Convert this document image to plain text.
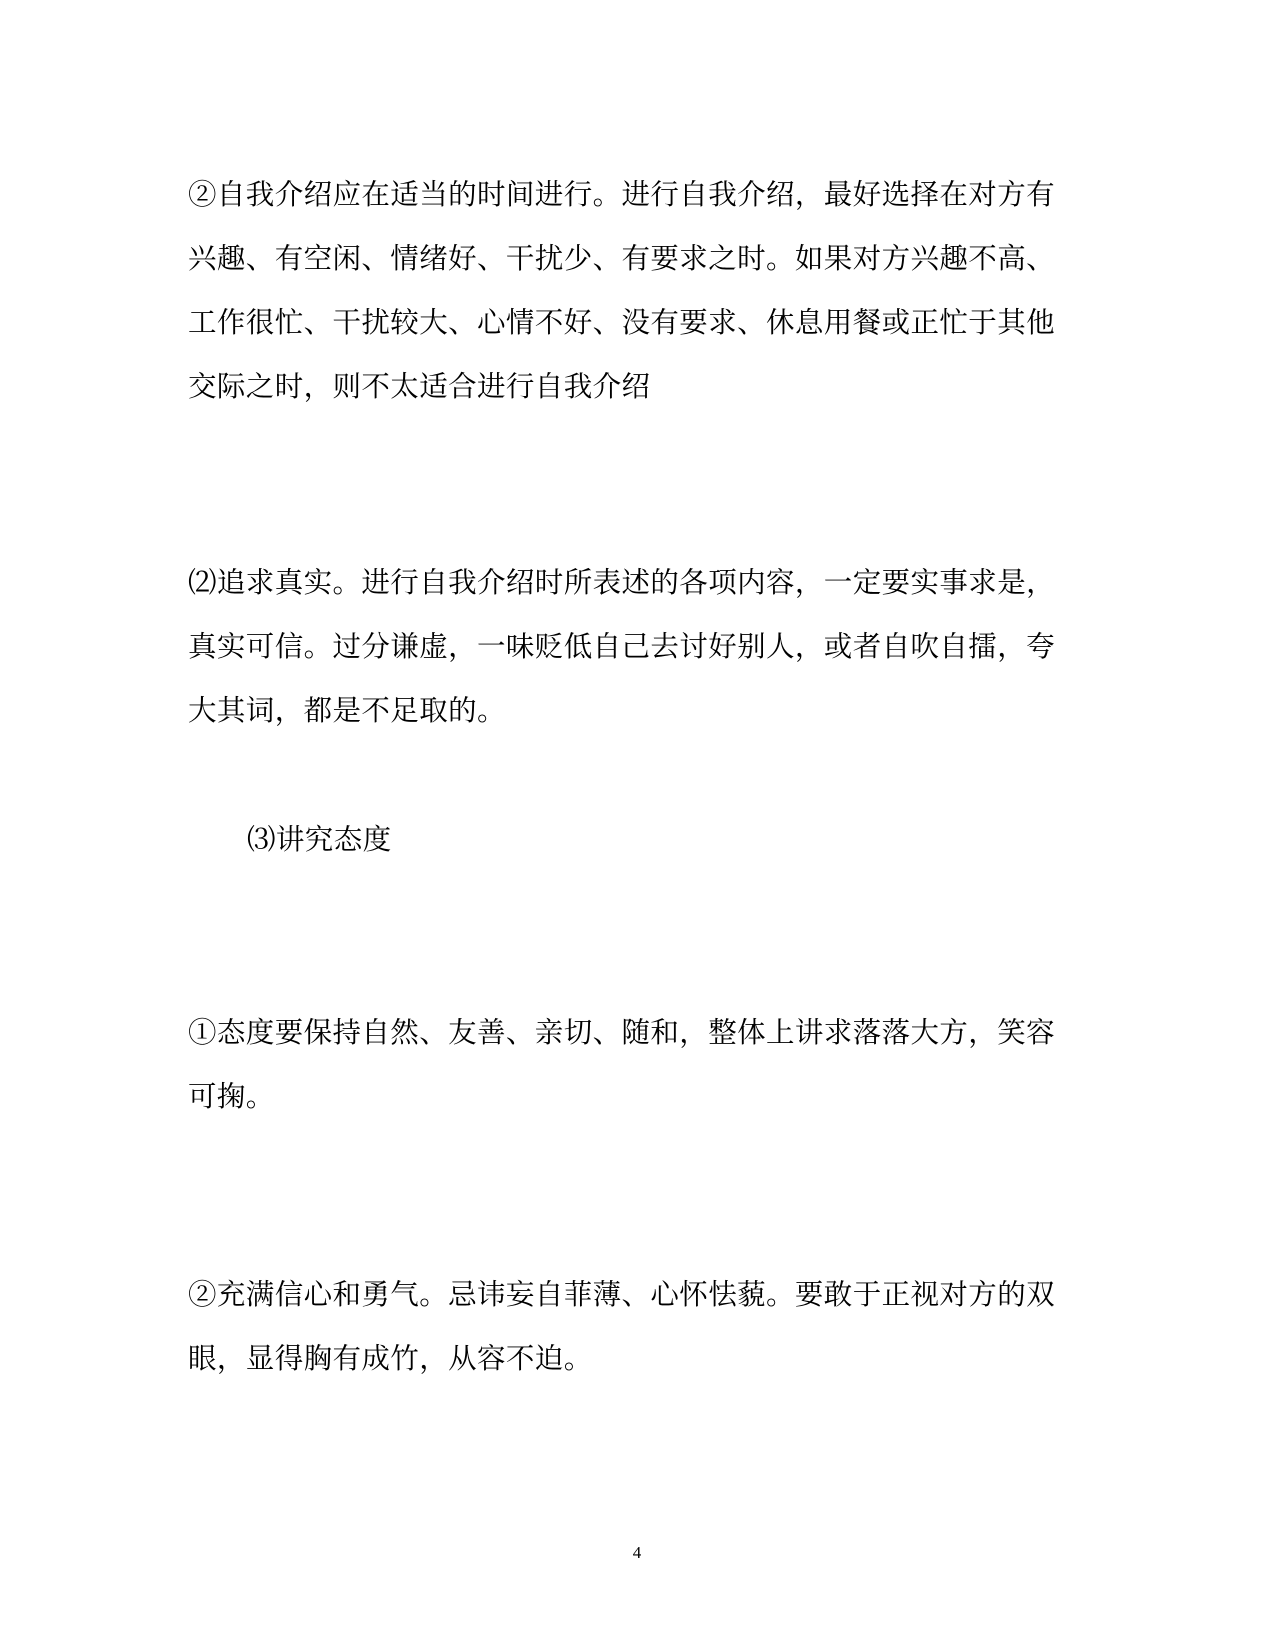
②自我介绍应在适当的时间进行。进行自我介绍，最好选择在对方有兴趣、有空闲、情绪好、干扰少、有要求之时。如果对方兴趣不高、工作很忙、干扰较大、心情不好、没有要求、休息用餐或正忙于其他交际之时，则不太适合进行自我介绍

⑵追求真实。进行自我介绍时所表述的各项内容，一定要实事求是，真实可信。过分谦虚，一味贬低自己去讨好别人，或者自吹自擂，夸大其词，都是不足取的。

⑶讲究态度

①态度要保持自然、友善、亲切、随和，整体上讲求落落大方，笑容可掬。

②充满信心和勇气。忌讳妄自菲薄、心怀怯藐。要敢于正视对方的双眼，显得胸有成竹，从容不迫。

4
